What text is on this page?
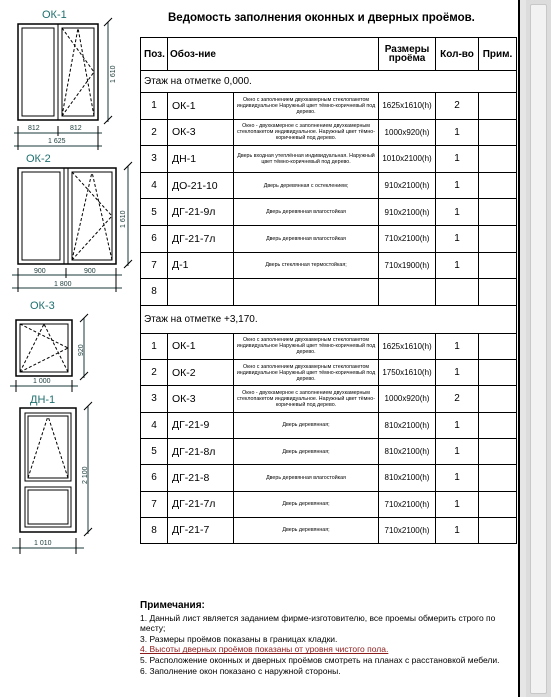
ОК-1
1 610
812	812
1 625
ОК-2
1 610
900	900
1 800
ОК-3
920
1 000
ДН-1
2 100
1 010
Ведомость заполнения оконных и дверных проёмов.
Поз.	Обоз-ние		Размеры проёма	Кол-во	Прим.
Этаж на отметке 0,000.					
1	ОК-1	Окно с заполнением двухкамерным стеклопакетом индивидуальное Наружный цвет тёмно-коричневый под дерево.	1625x1610(h)	2	
2	ОК-3	Окно - двухкамерное с заполнением двухкамерным стеклопакетом индивидуальное. Наружный цвет тёмно-коричневый под дерево.	1000x920(h)	1	
3	ДН-1	Дверь входная утеплённая индивидуальная. Наружный цвет тёмно-коричневый под дерево.	1010x2100(h)	1	
4	ДО-21-10	Дверь деревянная с остеклением;	910x2100(h)	1	
5	ДГ-21-9л	Дверь деревянная влагостойкая	910x2100(h)	1	
6	ДГ-21-7л	Дверь деревянная влагостойкая	710x2100(h)	1	
7	Д-1	Дверь стеклянная термостойкая;	710x1900(h)	1	
8					
Этаж на отметке +3,170.					
1	ОК-1	Окно с заполнением двухкамерным стеклопакетом индивидуальное Наружный цвет тёмно-коричневый под дерево.	1625x1610(h)	1	
2	ОК-2	Окно с заполнением двухкамерным стеклопакетом индивидуальное Наружный цвет тёмно-коричневый под дерево.	1750x1610(h)	1	
3	ОК-3	Окно - двухкамерное с заполнением двухкамерным стеклопакетом индивидуальное. Наружный цвет тёмно-коричневый под дерево.	1000x920(h)	2	
4	ДГ-21-9	Дверь деревянная;	810x2100(h)	1	
5	ДГ-21-8л	Дверь деревянная;	810x2100(h)	1	
6	ДГ-21-8	Дверь деревянная влагостойкая	810x2100(h)	1	
7	ДГ-21-7л	Дверь деревянная;	710x2100(h)	1	
8	ДГ-21-7	Дверь деревянная;	710x2100(h)	1	
Примечания:
1. Данный лист является заданием фирме-изготовителю, все проемы обмерить строго по месту;
3. Размеры проёмов показаны в границах кладки.
4. Высоты дверных проёмов показаны от уровня чистого пола.
5. Расположение оконных и дверных проёмов смотреть на планах с расстановкой мебели.
6. Заполнение окон показано с наружной стороны.
